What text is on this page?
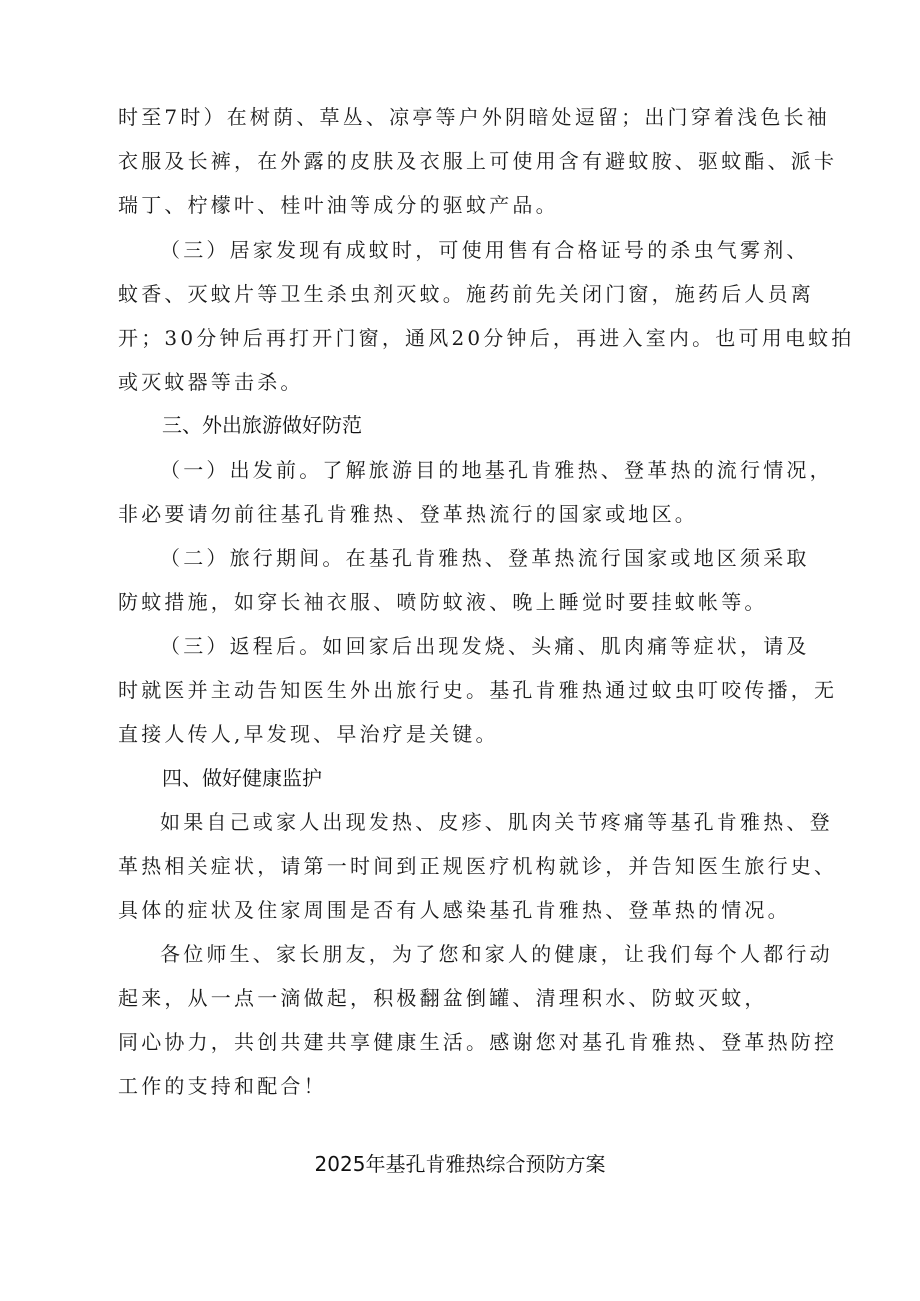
时至7时）在树荫、草丛、凉亭等户外阴暗处逗留；出门穿着浅色长袖
衣服及长裤，在外露的皮肤及衣服上可使用含有避蚊胺、驱蚊酯、派卡
瑞丁、柠檬叶、桂叶油等成分的驱蚊产品。
（三）居家发现有成蚊时，可使用售有合格证号的杀虫气雾剂、
蚊香、灭蚊片等卫生杀虫剂灭蚊。施药前先关闭门窗，施药后人员离
开；30分钟后再打开门窗，通风20分钟后，再进入室内。也可用电蚊拍
或灭蚊器等击杀。
三、外出旅游做好防范
（一）出发前。了解旅游目的地基孔肯雅热、登革热的流行情况，
非必要请勿前往基孔肯雅热、登革热流行的国家或地区。
（二）旅行期间。在基孔肯雅热、登革热流行国家或地区须采取
防蚊措施，如穿长袖衣服、喷防蚊液、晚上睡觉时要挂蚊帐等。
（三）返程后。如回家后出现发烧、头痛、肌肉痛等症状，请及
时就医并主动告知医生外出旅行史。基孔肯雅热通过蚊虫叮咬传播，无
直接人传人,早发现、早治疗是关键。
四、做好健康监护
如果自己或家人出现发热、皮疹、肌肉关节疼痛等基孔肯雅热、登
革热相关症状，请第一时间到正规医疗机构就诊，并告知医生旅行史、
具体的症状及住家周围是否有人感染基孔肯雅热、登革热的情况。
各位师生、家长朋友，为了您和家人的健康，让我们每个人都行动
起来，从一点一滴做起，积极翻盆倒罐、清理积水、防蚊灭蚊，
同心协力，共创共建共享健康生活。感谢您对基孔肯雅热、登革热防控
工作的支持和配合！
2025年基孔肯雅热综合预防方案
